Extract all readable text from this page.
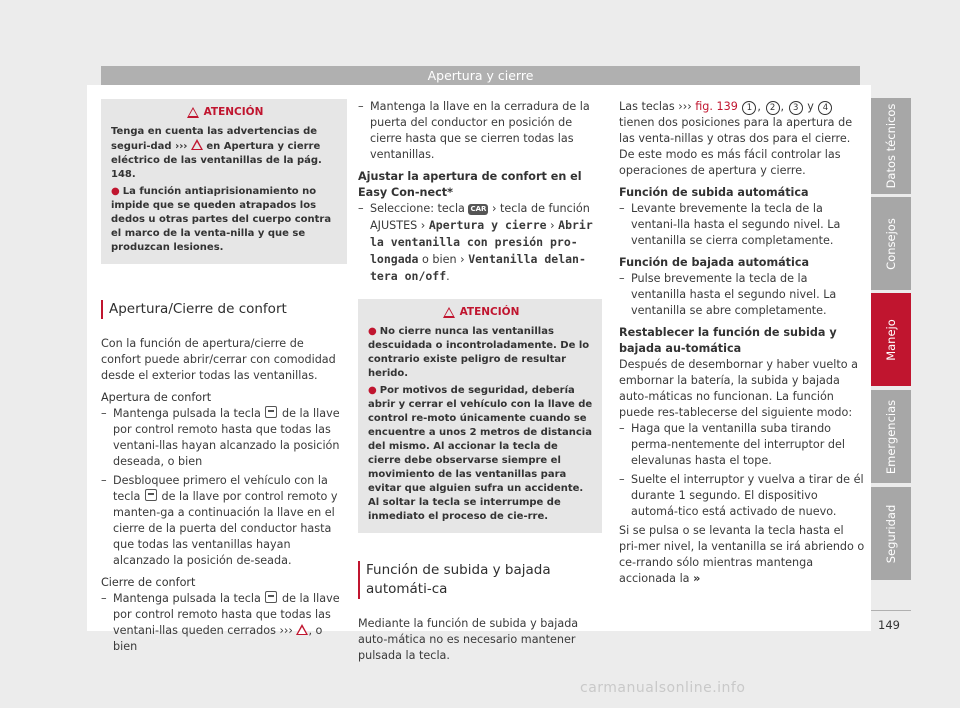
Apertura y cierre
ATENCIÓN

Tenga en cuenta las advertencias de seguri-dad ›››  en Apertura y cierre eléctrico de las ventanillas de la pág. 148.

● La función antiaprisionamiento no impide que se queden atrapados los dedos u otras partes del cuerpo contra el marco de la venta-nilla y que se produzcan lesiones.

Apertura/Cierre de confort

Con la función de apertura/cierre de confort puede abrir/cerrar con comodidad desde el exterior todas las ventanillas.

Apertura de confort

– Mantenga pulsada la tecla  de la llave por control remoto hasta que todas las ventani-llas hayan alcanzado la posición deseada, o bien
– Desbloquee primero el vehículo con la tecla  de la llave por control remoto y manten-ga a continuación la llave en el cierre de la puerta del conductor hasta que todas las ventanillas hayan alcanzado la posición de-seada.

Cierre de confort

– Mantenga pulsada la tecla  de la llave por control remoto hasta que todas las ventani-llas queden cerrados ››› , o bien
– Mantenga la llave en la cerradura de la puerta del conductor en posición de cierre hasta que se cierren todas las ventanillas.

Ajustar la apertura de confort en el Easy Con-nect*

– Seleccione: tecla CAR › tecla de función AJUSTES › Apertura y cierre › Abrir la ventanilla con presión pro-longada o bien › Ventanilla delan-tera on/off.
ATENCIÓN

● No cierre nunca las ventanillas descuidada o incontroladamente. De lo contrario existe peligro de resultar herido.

● Por motivos de seguridad, debería abrir y cerrar el vehículo con la llave de control re-moto únicamente cuando se encuentre a unos 2 metros de distancia del mismo. Al accionar la tecla de cierre debe observarse siempre el movimiento de las ventanillas para evitar que alguien sufra un accidente. Al soltar la tecla se interrumpe de inmediato el proceso de cie-rre.

Función de subida y bajada automáti-ca

Mediante la función de subida y bajada auto-mática no es necesario mantener pulsada la tecla.

Las teclas ››› fig. 139 1 , 2 , 3 y 4 tienen dos posiciones para la apertura de las venta-nillas y otras dos para el cierre. De este modo es más fácil controlar las operaciones de apertura y cierre.

Función de subida automática

– Levante brevemente la tecla de la ventani-lla hasta el segundo nivel. La ventanilla se cierra completamente.

Función de bajada automática

– Pulse brevemente la tecla de la ventanilla hasta el segundo nivel. La ventanilla se abre completamente.

Restablecer la función de subida y bajada au-tomática

Después de desembornar y haber vuelto a embornar la batería, la subida y bajada auto-máticas no funcionan. La función puede res-tablecerse del siguiente modo:

– Haga que la ventanilla suba tirando perma-nentemente del interruptor del elevalunas hasta el tope.
– Suelte el interruptor y vuelva a tirar de él durante 1 segundo. El dispositivo automá-tico está activado de nuevo.

Si se pulsa o se levanta la tecla hasta el pri-mer nivel, la ventanilla se irá abriendo o ce-rrando sólo mientras mantenga accionada la »

Datos técnicos
Consejos
Manejo
Emergencias
Seguridad
149
carmanualsonline.info
